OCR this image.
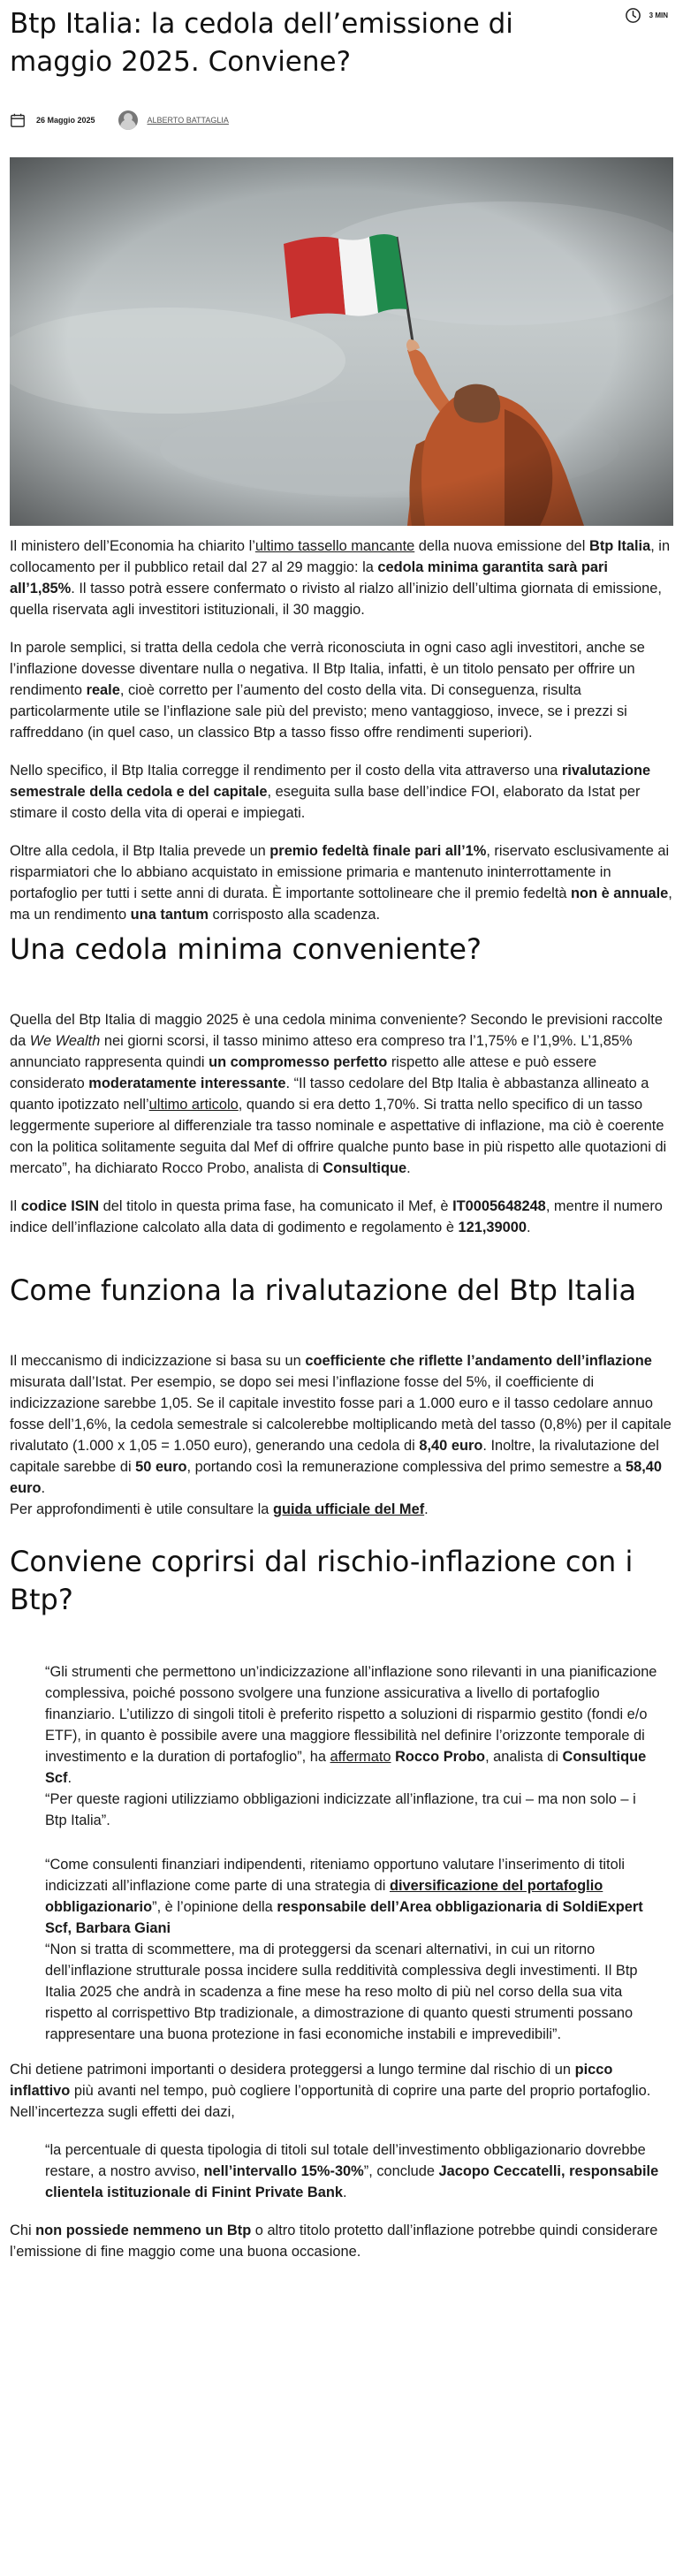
Btp Italia: la cedola dell’emissione di maggio 2025. Conviene?
3 MIN
26 Maggio 2025	ALBERTO BATTAGLIA

Il ministero dell’Economia ha chiarito l’ultimo tassello mancante della nuova emissione del Btp Italia, in collocamento per il pubblico retail dal 27 al 29 maggio: la cedola minima garantita sarà pari all’1,85%. Il tasso potrà essere confermato o rivisto al rialzo all’inizio dell’ultima giornata di emissione, quella riservata agli investitori istituzionali, il 30 maggio.

In parole semplici, si tratta della cedola che verrà riconosciuta in ogni caso agli investitori, anche se l’inflazione dovesse diventare nulla o negativa. Il Btp Italia, infatti, è un titolo pensato per offrire un rendimento reale, cioè corretto per l’aumento del costo della vita. Di conseguenza, risulta particolarmente utile se l’inflazione sale più del previsto; meno vantaggioso, invece, se i prezzi si raffreddano (in quel caso, un classico Btp a tasso fisso offre rendimenti superiori).

Nello specifico, il Btp Italia corregge il rendimento per il costo della vita attraverso una rivalutazione semestrale della cedola e del capitale, eseguita sulla base dell’indice FOI, elaborato da Istat per stimare il costo della vita di operai e impiegati.

Oltre alla cedola, il Btp Italia prevede un premio fedeltà finale pari all’1%, riservato esclusivamente ai risparmiatori che lo abbiano acquistato in emissione primaria e mantenuto ininterrottamente in portafoglio per tutti i sette anni di durata. È importante sottolineare che il premio fedeltà non è annuale, ma un rendimento una tantum corrisposto alla scadenza.

Una cedola minima conveniente?

Quella del Btp Italia di maggio 2025 è una cedola minima conveniente? Secondo le previsioni raccolte da We Wealth nei giorni scorsi, il tasso minimo atteso era compreso tra l’1,75% e l’1,9%. L’1,85% annunciato rappresenta quindi un compromesso perfetto rispetto alle attese e può essere considerato moderatamente interessante. “Il tasso cedolare del Btp Italia è abbastanza allineato a quanto ipotizzato nell’ultimo articolo, quando si era detto 1,70%. Si tratta nello specifico di un tasso leggermente superiore al differenziale tra tasso nominale e aspettative di inflazione, ma ciò è coerente con la politica solitamente seguita dal Mef di offrire qualche punto base in più rispetto alle quotazioni di mercato”, ha dichiarato Rocco Probo, analista di Consultique.

Il codice ISIN del titolo in questa prima fase, ha comunicato il Mef, è IT0005648248, mentre il numero indice dell’inflazione calcolato alla data di godimento e regolamento è 121,39000.

Come funziona la rivalutazione del Btp Italia

Il meccanismo di indicizzazione si basa su un coefficiente che riflette l’andamento dell’inflazione misurata dall’Istat. Per esempio, se dopo sei mesi l’inflazione fosse del 5%, il coefficiente di indicizzazione sarebbe 1,05. Se il capitale investito fosse pari a 1.000 euro e il tasso cedolare annuo fosse dell’1,6%, la cedola semestrale si calcolerebbe moltiplicando metà del tasso (0,8%) per il capitale rivalutato (1.000 x 1,05 = 1.050 euro), generando una cedola di 8,40 euro. Inoltre, la rivalutazione del capitale sarebbe di 50 euro, portando così la remunerazione complessiva del primo semestre a 58,40 euro.

Per approfondimenti è utile consultare la guida ufficiale del Mef.

Conviene coprirsi dal rischio-inflazione con i Btp?

“Gli strumenti che permettono un’indicizzazione all’inflazione sono rilevanti in una pianificazione complessiva, poiché possono svolgere una funzione assicurativa a livello di portafoglio finanziario. L’utilizzo di singoli titoli è preferito rispetto a soluzioni di risparmio gestito (fondi e/o ETF), in quanto è possibile avere una maggiore flessibilità nel definire l’orizzonte temporale di investimento e la duration di portafoglio”, ha affermato Rocco Probo, analista di Consultique Scf.

“Per queste ragioni utilizziamo obbligazioni indicizzate all’inflazione, tra cui – ma non solo – i Btp Italia”.

“Come consulenti finanziari indipendenti, riteniamo opportuno valutare l’inserimento di titoli indicizzati all’inflazione come parte di una strategia di diversificazione del portafoglio obbligazionario”, è l’opinione della responsabile dell’Area obbligazionaria di SoldiExpert Scf, Barbara Giani

“Non si tratta di scommettere, ma di proteggersi da scenari alternativi, in cui un ritorno dell’inflazione strutturale possa incidere sulla redditività complessiva degli investimenti. Il Btp Italia 2025 che andrà in scadenza a fine mese ha reso molto di più nel corso della sua vita rispetto al corrispettivo Btp tradizionale, a dimostrazione di quanto questi strumenti possano rappresentare una buona protezione in fasi economiche instabili e imprevedibili”.

Chi detiene patrimoni importanti o desidera proteggersi a lungo termine dal rischio di un picco inflattivo più avanti nel tempo, può cogliere l’opportunità di coprire una parte del proprio portafoglio. Nell’incertezza sugli effetti dei dazi,

“la percentuale di questa tipologia di titoli sul totale dell’investimento obbligazionario dovrebbe restare, a nostro avviso, nell’intervallo 15%-30%”, conclude Jacopo Ceccatelli, responsabile clientela istituzionale di Finint Private Bank.

Chi non possiede nemmeno un Btp o altro titolo protetto dall’inflazione potrebbe quindi considerare l’emissione di fine maggio come una buona occasione.
